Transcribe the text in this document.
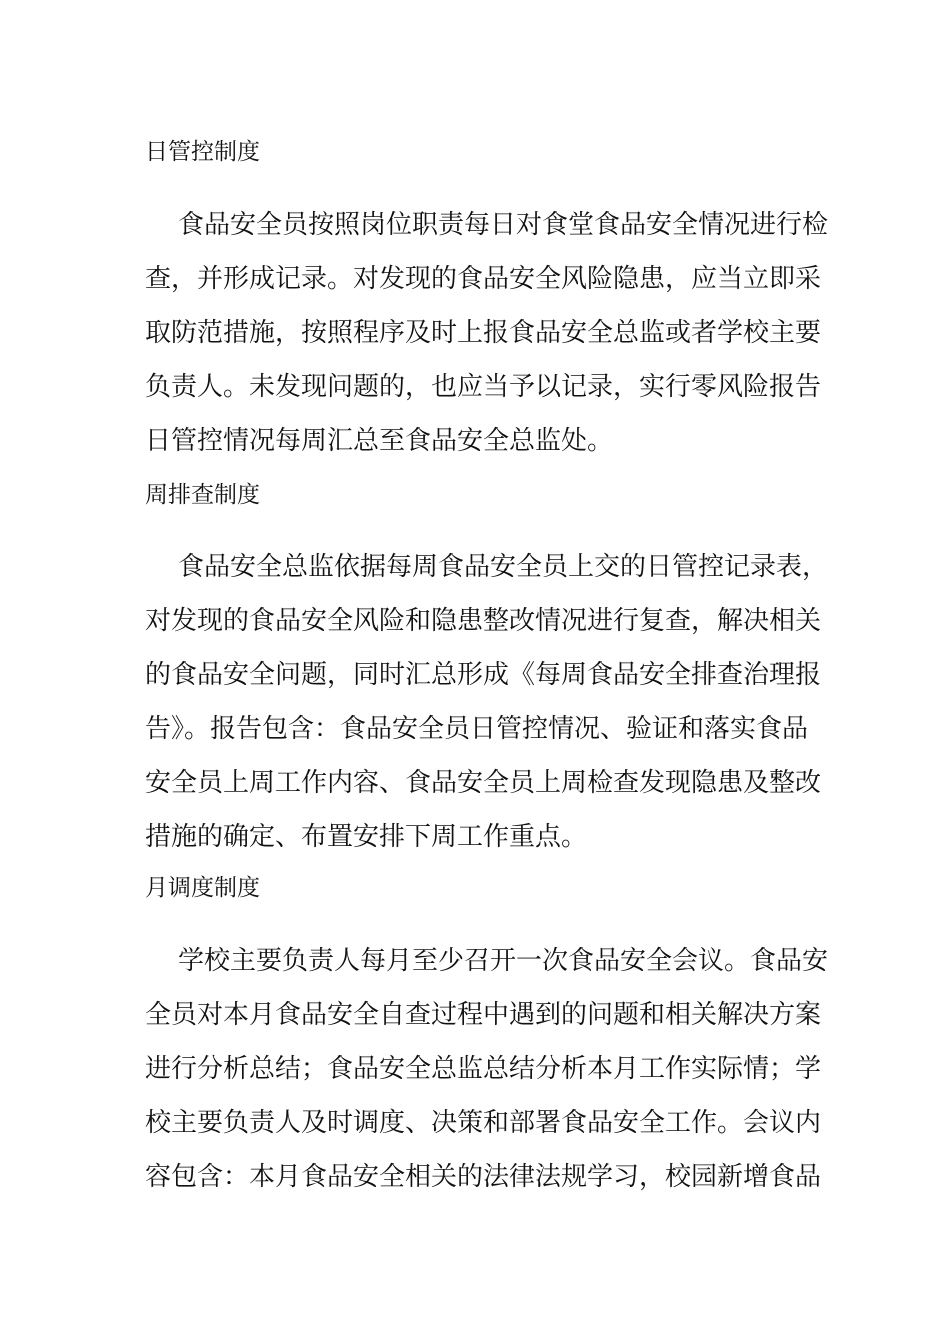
日管控制度
食品安全员按照岗位职责每日对食堂食品安全情况进行检
查，并形成记录。对发现的食品安全风险隐患，应当立即采
取防范措施，按照程序及时上报食品安全总监或者学校主要
负责人。未发现问题的，也应当予以记录，实行零风险报告
日管控情况每周汇总至食品安全总监处。
周排查制度
食品安全总监依据每周食品安全员上交的日管控记录表，
对发现的食品安全风险和隐患整改情况进行复查，解决相关
的食品安全问题，同时汇总形成《每周食品安全排查治理报
告》。报告包含：食品安全员日管控情况、验证和落实食品
安全员上周工作内容、食品安全员上周检查发现隐患及整改
措施的确定、布置安排下周工作重点。
月调度制度
学校主要负责人每月至少召开一次食品安全会议。食品安
全员对本月食品安全自查过程中遇到的问题和相关解决方案
进行分析总结；食品安全总监总结分析本月工作实际情；学
校主要负责人及时调度、决策和部署食品安全工作。会议内
容包含：本月食品安全相关的法律法规学习，校园新增食品
